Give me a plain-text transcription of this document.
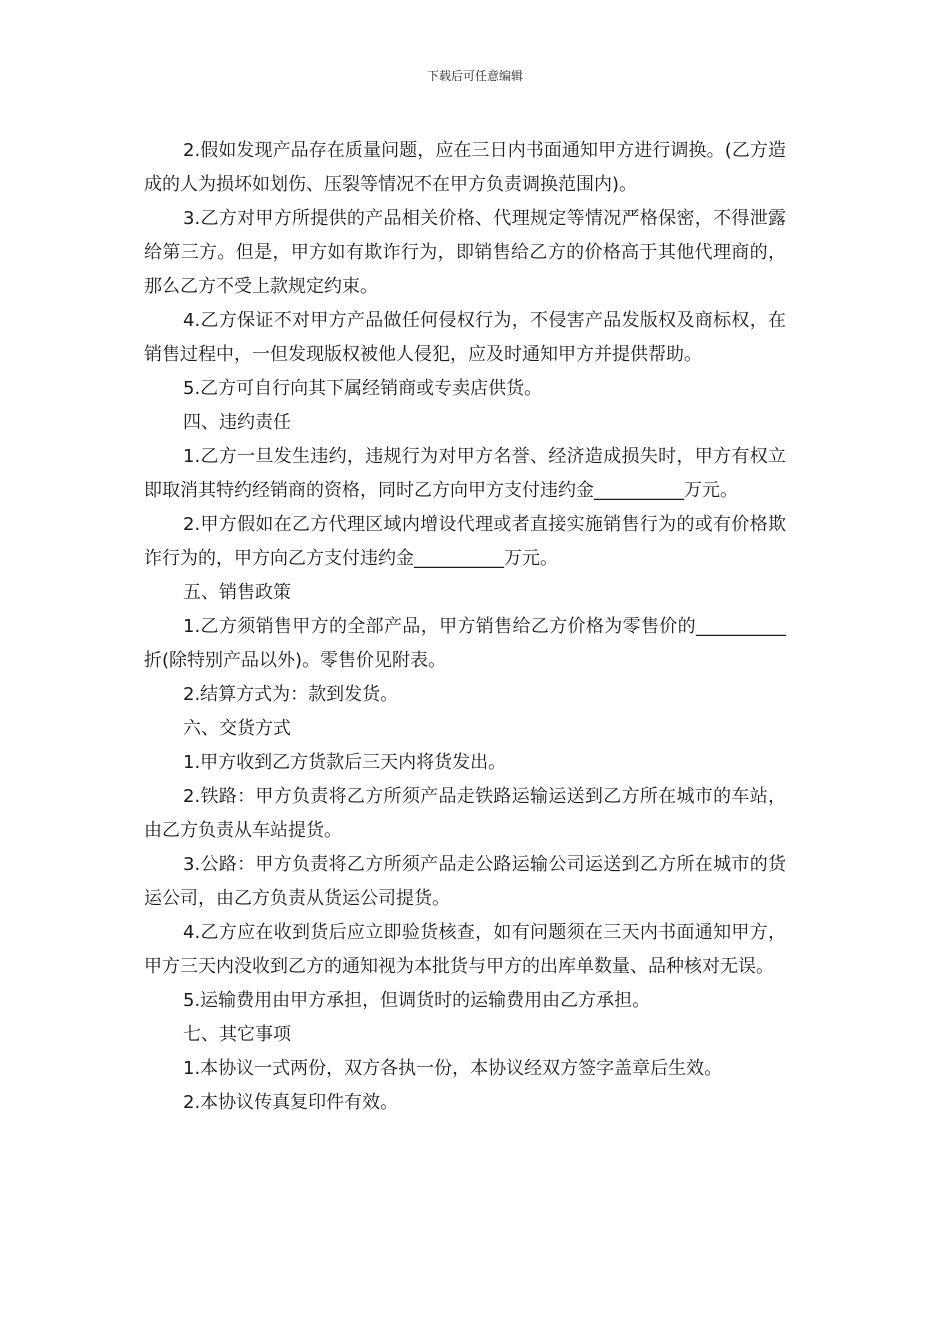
下载后可任意编辑

2.假如发现产品存在质量问题，应在三日内书面通知甲方进行调换。(乙方造成的人为损坏如划伤、压裂等情况不在甲方负责调换范围内)。

3.乙方对甲方所提供的产品相关价格、代理规定等情况严格保密，不得泄露给第三方。但是，甲方如有欺诈行为，即销售给乙方的价格高于其他代理商的，那么乙方不受上款规定约束。

4.乙方保证不对甲方产品做任何侵权行为，不侵害产品发版权及商标权，在销售过程中，一但发现版权被他人侵犯，应及时通知甲方并提供帮助。

5.乙方可自行向其下属经销商或专卖店供货。

四、违约责任

1.乙方一旦发生违约，违规行为对甲方名誉、经济造成损失时，甲方有权立即取消其特约经销商的资格，同时乙方向甲方支付违约金__________万元。

2.甲方假如在乙方代理区域内增设代理或者直接实施销售行为的或有价格欺诈行为的，甲方向乙方支付违约金__________万元。

五、销售政策

1.乙方须销售甲方的全部产品，甲方销售给乙方价格为零售价的__________折(除特别产品以外)。零售价见附表。

2.结算方式为：款到发货。

六、交货方式

1.甲方收到乙方货款后三天内将货发出。

2.铁路：甲方负责将乙方所须产品走铁路运输运送到乙方所在城市的车站，由乙方负责从车站提货。

3.公路：甲方负责将乙方所须产品走公路运输公司运送到乙方所在城市的货运公司，由乙方负责从货运公司提货。

4.乙方应在收到货后应立即验货核查，如有问题须在三天内书面通知甲方，甲方三天内没收到乙方的通知视为本批货与甲方的出库单数量、品种核对无误。

5.运输费用由甲方承担，但调货时的运输费用由乙方承担。

七、其它事项

1.本协议一式两份，双方各执一份，本协议经双方签字盖章后生效。

2.本协议传真复印件有效。
